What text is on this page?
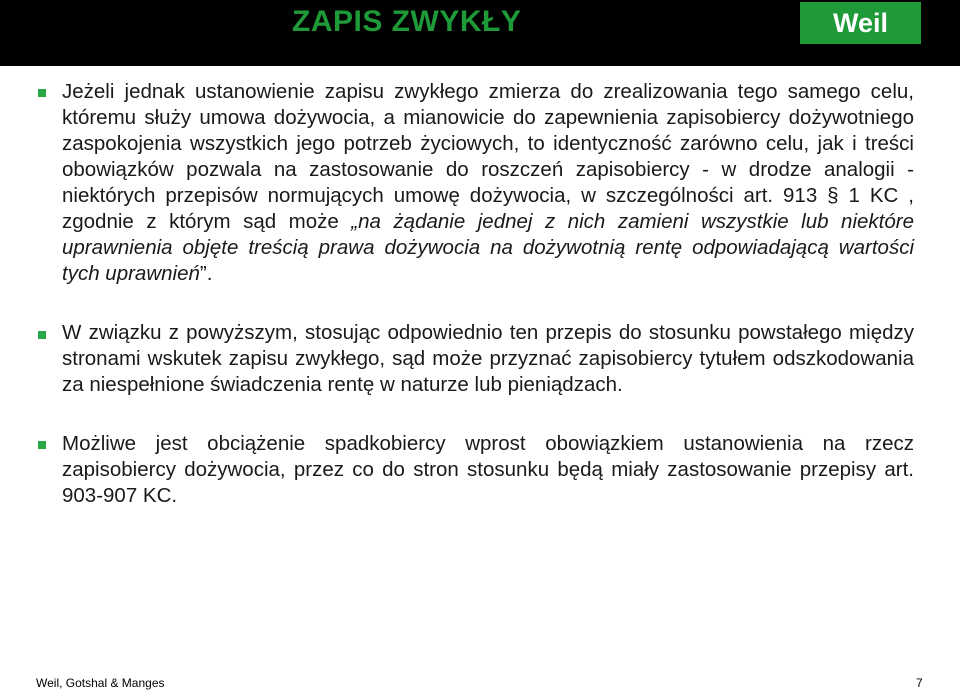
ZAPIS ZWYKŁY	Weil
Jeżeli jednak ustanowienie zapisu zwykłego zmierza do zrealizowania tego samego celu, któremu służy umowa dożywocia, a mianowicie do zapewnienia zapisobiercy dożywotniego zaspokojenia wszystkich jego potrzeb życiowych, to identyczność zarówno celu, jak i treści obowiązków pozwala na zastosowanie do roszczeń zapisobiercy - w drodze analogii - niektórych przepisów normujących umowę dożywocia, w szczególności art. 913 § 1 KC , zgodnie z którym sąd może „na żądanie jednej z nich zamieni wszystkie lub niektóre uprawnienia objęte treścią prawa dożywocia na dożywotnią rentę odpowiadającą wartości tych uprawnień”.
W związku z powyższym, stosując odpowiednio ten przepis do stosunku powstałego między stronami wskutek zapisu zwykłego, sąd może przyznać zapisobiercy tytułem odszkodowania za niespełnione świadczenia rentę w naturze lub pieniądzach.
Możliwe jest obciążenie spadkobiercy wprost obowiązkiem ustanowienia na rzecz zapisobiercy dożywocia, przez co do stron stosunku będą miały zastosowanie przepisy art. 903-907 KC.
Weil, Gotshal & Manges	7
